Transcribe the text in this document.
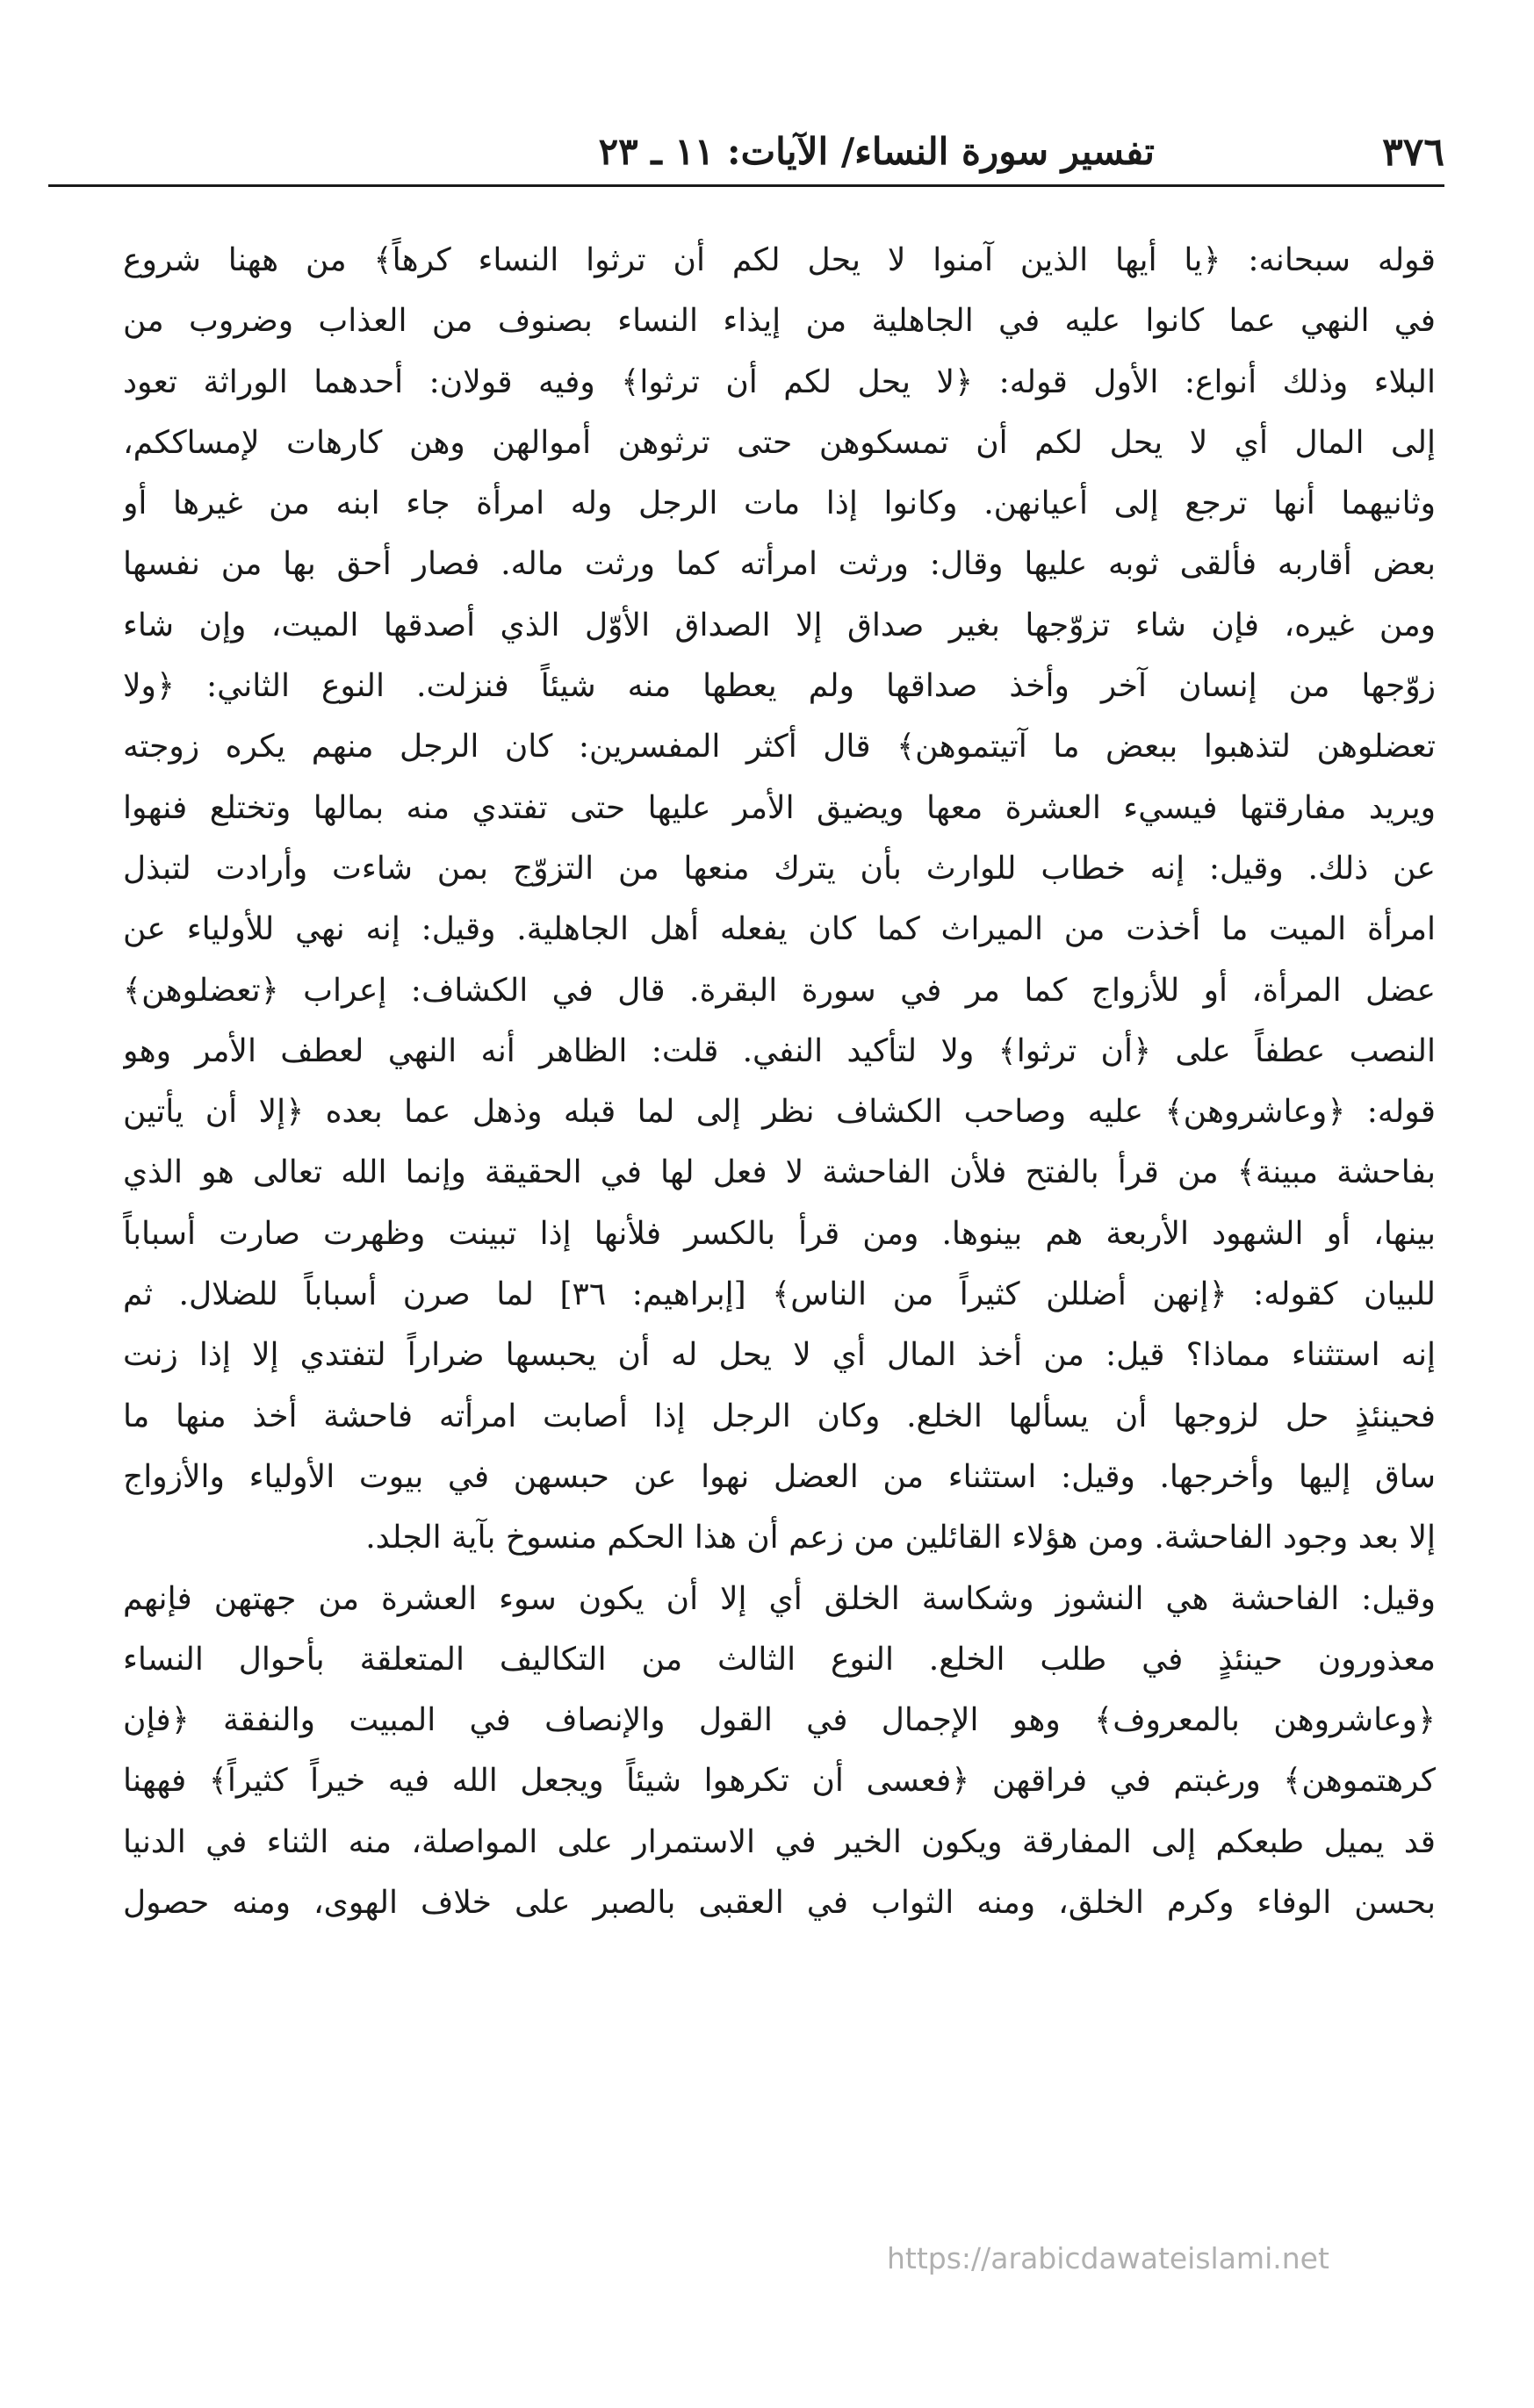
٣٧٦
تفسير سورة النساء/ الآيات: ١١ ـ ٢٣
قوله سبحانه: ﴿يا أيها الذين آمنوا لا يحل لكم أن ترثوا النساء كرهاً﴾ من ههنا شروع
في النهي عما كانوا عليه في الجاهلية من إيذاء النساء بصنوف من العذاب وضروب من
البلاء وذلك أنواع: الأول قوله: ﴿لا يحل لكم أن ترثوا﴾ وفيه قولان: أحدهما الوراثة تعود
إلى المال أي لا يحل لكم أن تمسكوهن حتى ترثوهن أموالهن وهن كارهات لإمساككم،
وثانيهما أنها ترجع إلى أعيانهن. وكانوا إذا مات الرجل وله امرأة جاء ابنه من غيرها أو
بعض أقاربه فألقى ثوبه عليها وقال: ورثت امرأته كما ورثت ماله. فصار أحق بها من نفسها
ومن غيره، فإن شاء تزوّجها بغير صداق إلا الصداق الأوّل الذي أصدقها الميت، وإن شاء
زوّجها من إنسان آخر وأخذ صداقها ولم يعطها منه شيئاً فنزلت. النوع الثاني: ﴿ولا
تعضلوهن لتذهبوا ببعض ما آتيتموهن﴾ قال أكثر المفسرين: كان الرجل منهم يكره زوجته
ويريد مفارقتها فيسيء العشرة معها ويضيق الأمر عليها حتى تفتدي منه بمالها وتختلع فنهوا
عن ذلك. وقيل: إنه خطاب للوارث بأن يترك منعها من التزوّج بمن شاءت وأرادت لتبذل
امرأة الميت ما أخذت من الميراث كما كان يفعله أهل الجاهلية. وقيل: إنه نهي للأولياء عن
عضل المرأة، أو للأزواج كما مر في سورة البقرة. قال في الكشاف: إعراب ﴿تعضلوهن﴾
النصب عطفاً على ﴿أن ترثوا﴾ ولا لتأكيد النفي. قلت: الظاهر أنه النهي لعطف الأمر وهو
قوله: ﴿وعاشروهن﴾ عليه وصاحب الكشاف نظر إلى لما قبله وذهل عما بعده ﴿إلا أن يأتين
بفاحشة مبينة﴾ من قرأ بالفتح فلأن الفاحشة لا فعل لها في الحقيقة وإنما الله تعالى هو الذي
بينها، أو الشهود الأربعة هم بينوها. ومن قرأ بالكسر فلأنها إذا تبينت وظهرت صارت أسباباً
للبيان كقوله: ﴿إنهن أضللن كثيراً من الناس﴾ [إبراهيم: ٣٦] لما صرن أسباباً للضلال. ثم
إنه استثناء مماذا؟ قيل: من أخذ المال أي لا يحل له أن يحبسها ضراراً لتفتدي إلا إذا زنت
فحينئذٍ حل لزوجها أن يسألها الخلع. وكان الرجل إذا أصابت امرأته فاحشة أخذ منها ما
ساق إليها وأخرجها. وقيل: استثناء من العضل نهوا عن حبسهن في بيوت الأولياء والأزواج
إلا بعد وجود الفاحشة. ومن هؤلاء القائلين من زعم أن هذا الحكم منسوخ بآية الجلد.
وقيل: الفاحشة هي النشوز وشكاسة الخلق أي إلا أن يكون سوء العشرة من جهتهن فإنهم
معذورون حينئذٍ في طلب الخلع. النوع الثالث من التكاليف المتعلقة بأحوال النساء
﴿وعاشروهن بالمعروف﴾ وهو الإجمال في القول والإنصاف في المبيت والنفقة ﴿فإن
كرهتموهن﴾ ورغبتم في فراقهن ﴿فعسى أن تكرهوا شيئاً ويجعل الله فيه خيراً كثيراً﴾ فههنا
قد يميل طبعكم إلى المفارقة ويكون الخير في الاستمرار على المواصلة، منه الثناء في الدنيا
بحسن الوفاء وكرم الخلق، ومنه الثواب في العقبى بالصبر على خلاف الهوى، ومنه حصول
https://arabicdawateislami.net
